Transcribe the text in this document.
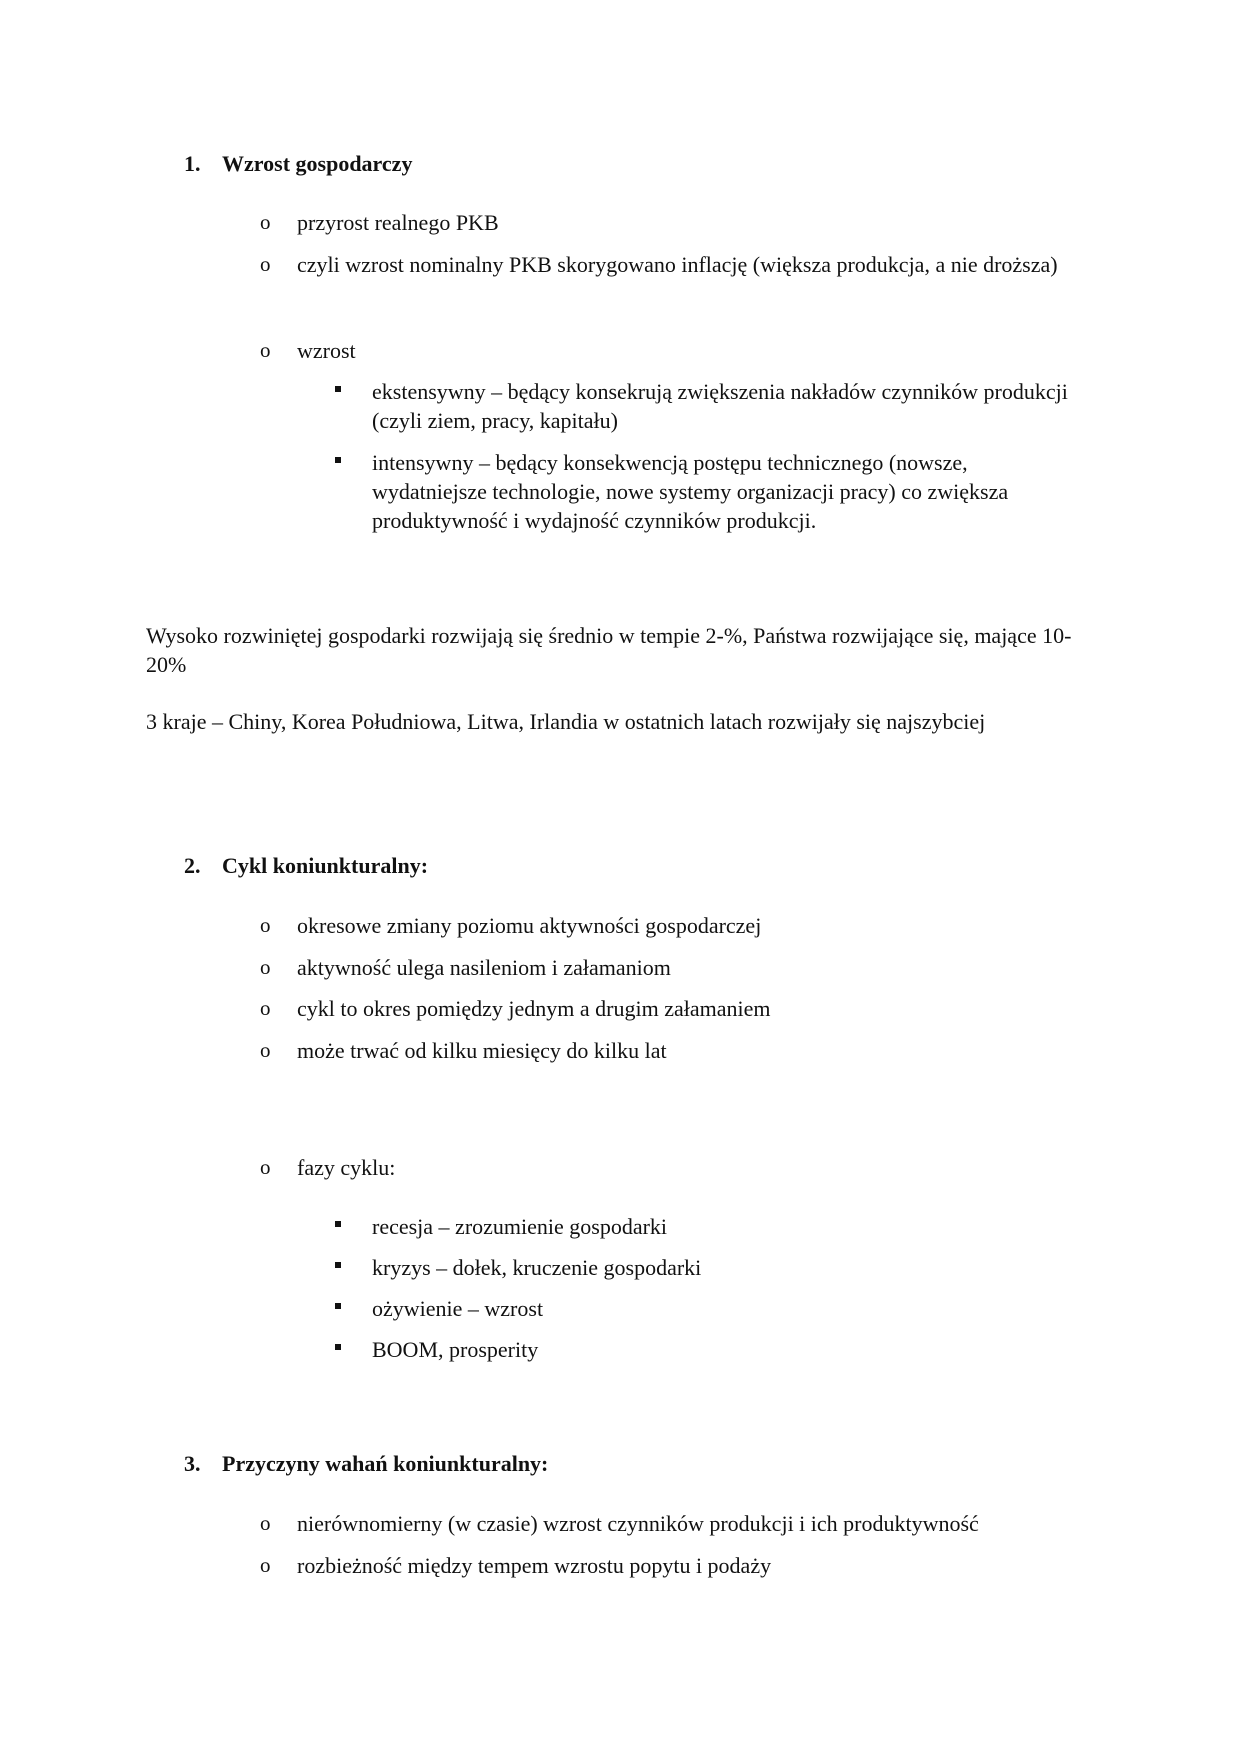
1. Wzrost gospodarczy
o przyrost realnego PKB
o czyli wzrost nominalny PKB skorygowano inflację (większa produkcja, a nie droższa)
o wzrost
ekstensywny – będący konsekrują zwiększenia nakładów czynników produkcji (czyli ziem, pracy, kapitału)
intensywny – będący konsekwencją postępu technicznego (nowsze, wydatniejsze technologie, nowe systemy organizacji pracy) co zwiększa produktywność i wydajność czynników produkcji.
Wysoko rozwiniętej gospodarki rozwijają się średnio w tempie 2-%, Państwa rozwijające się, mające 10-20%
3 kraje – Chiny, Korea Południowa, Litwa, Irlandia w ostatnich latach rozwijały się najszybciej
2. Cykl koniunkturalny:
o okresowe zmiany poziomu aktywności gospodarczej
o aktywność ulega nasileniom i załamaniom
o cykl to okres pomiędzy jednym a drugim załamaniem
o może trwać od kilku miesięcy do kilku lat
o fazy cyklu:
recesja – zrozumienie gospodarki
kryzys – dołek, kruczenie gospodarki
ożywienie – wzrost
BOOM, prosperity
3. Przyczyny wahań koniunkturalny:
o nierównomierny (w czasie) wzrost czynników produkcji i ich produktywność
o rozbieżność między tempem wzrostu popytu i podaży
